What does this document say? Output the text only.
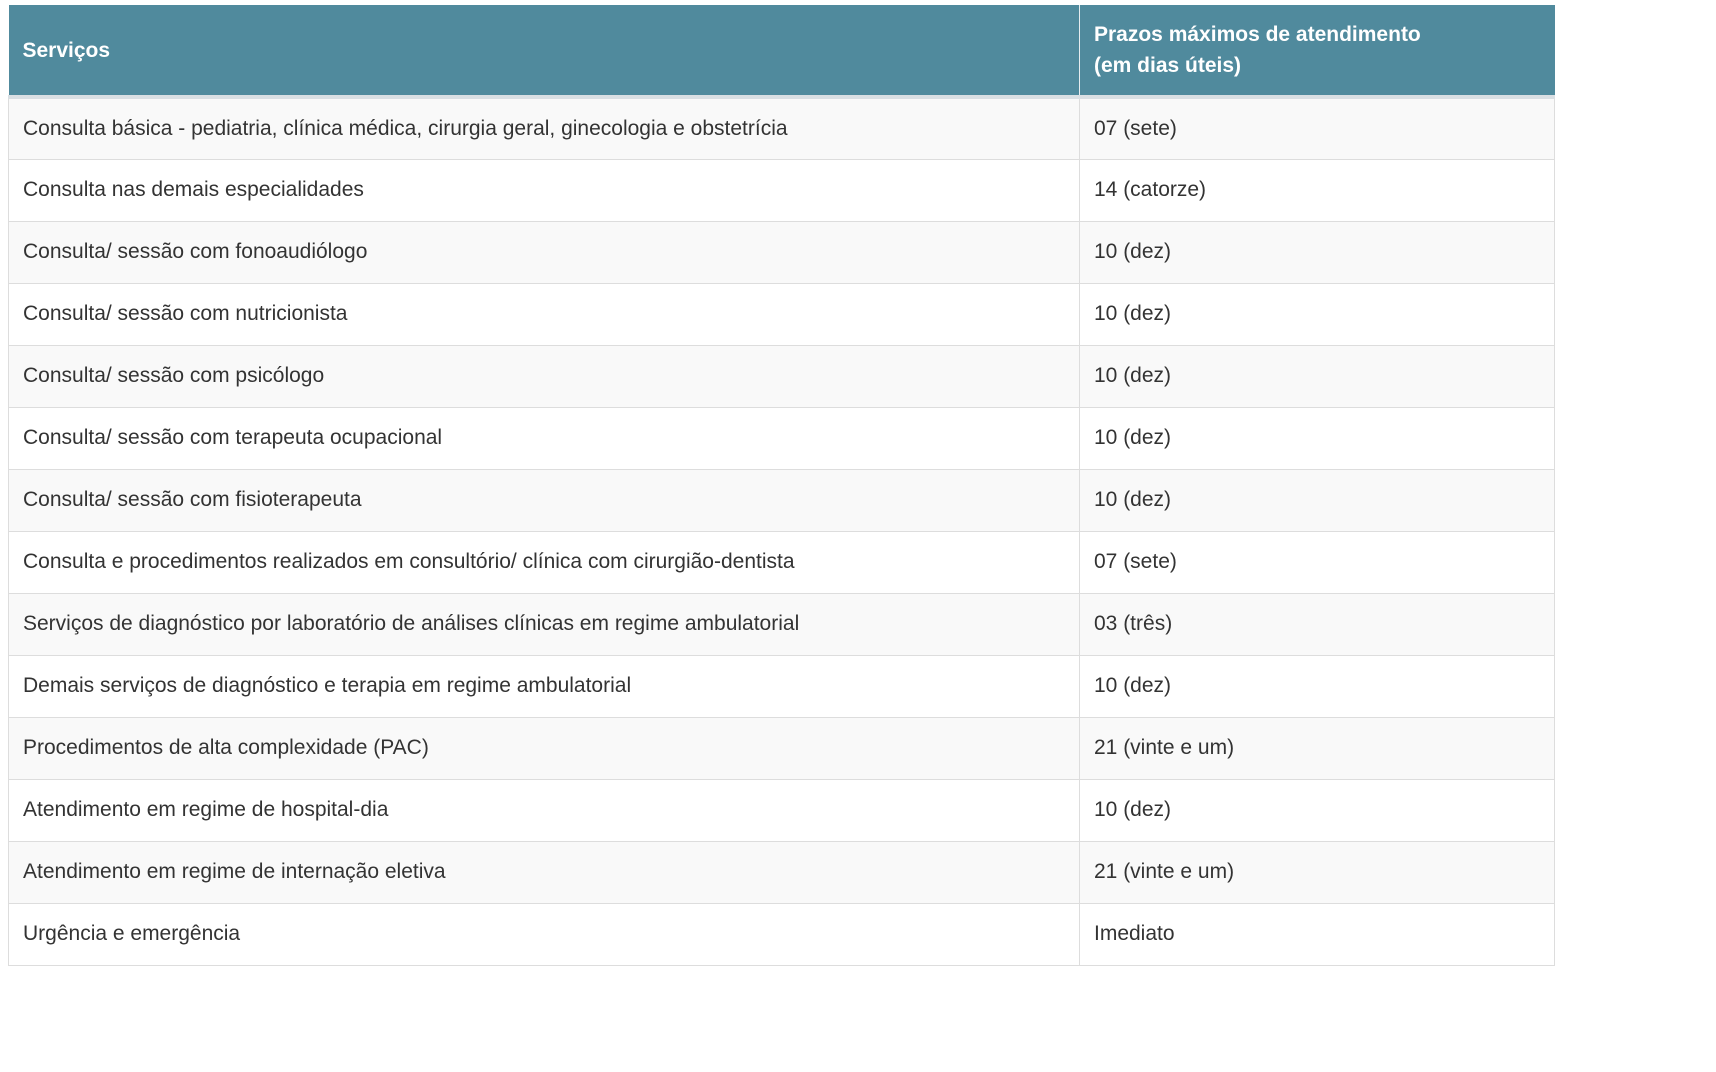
Serviços	Prazos máximos de atendimento
(em dias úteis)

Consulta básica - pediatria, clínica médica, cirurgia geral, ginecologia e obstetrícia	07 (sete)
Consulta nas demais especialidades	14 (catorze)
Consulta/ sessão com fonoaudiólogo	10 (dez)
Consulta/ sessão com nutricionista	10 (dez)
Consulta/ sessão com psicólogo	10 (dez)
Consulta/ sessão com terapeuta ocupacional	10 (dez)
Consulta/ sessão com fisioterapeuta	10 (dez)
Consulta e procedimentos realizados em consultório/ clínica com cirurgião-dentista	07 (sete)
Serviços de diagnóstico por laboratório de análises clínicas em regime ambulatorial	03 (três)
Demais serviços de diagnóstico e terapia em regime ambulatorial	10 (dez)
Procedimentos de alta complexidade (PAC)	21 (vinte e um)
Atendimento em regime de hospital-dia	10 (dez)
Atendimento em regime de internação eletiva	21 (vinte e um)
Urgência e emergência	Imediato
